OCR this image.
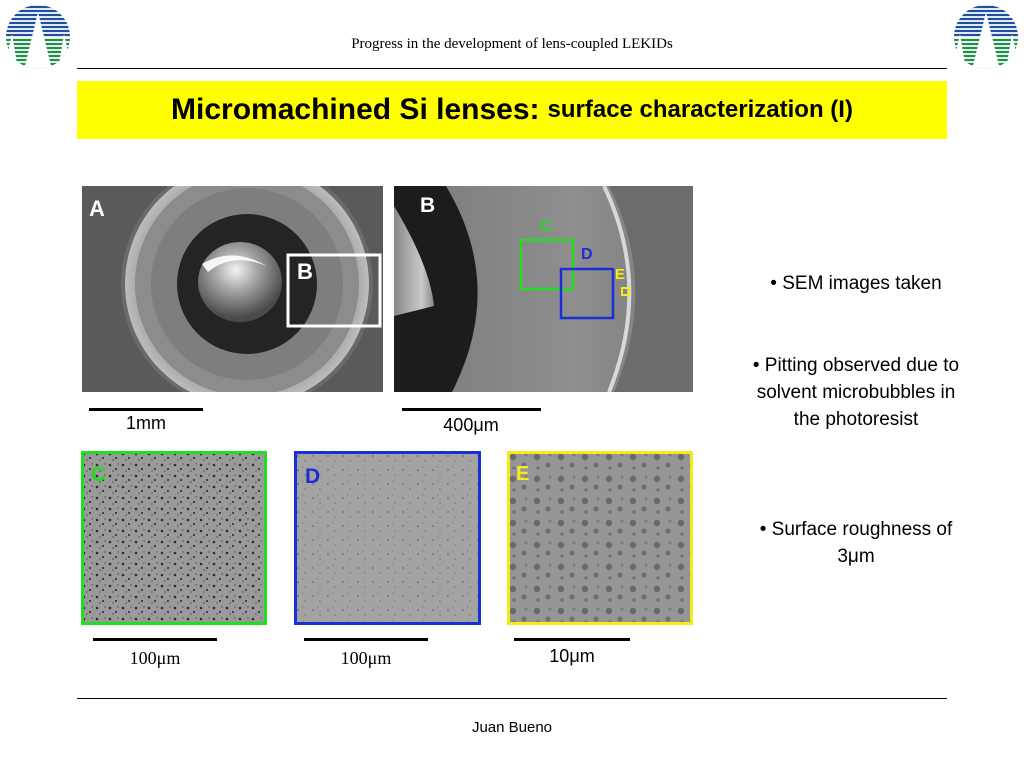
Progress in the development of lens-coupled LEKIDs
Micromachined Si lenses: surface characterization (I)
A
B
B
C
D
E
1mm	400μm
C	D	E
100μm	100μm	10μm
• SEM images taken
• Pitting observed due to solvent microbubbles in the photoresist
• Surface roughness of 3μm
Juan Bueno
